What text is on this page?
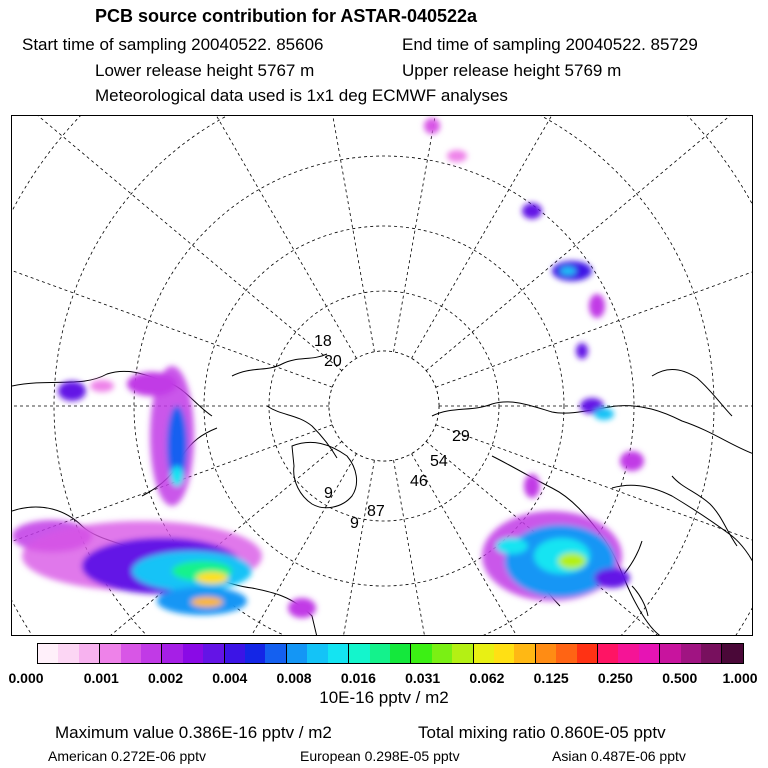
PCB source contribution for ASTAR-040522a
Start time of sampling 20040522. 85606	End time of sampling 20040522. 85729
Lower release height 5767 m	Upper release height 5769 m
Meteorological data used is 1x1 deg ECMWF analyses
18
20
29
54
46
9
87
9
0.000	0.001 0.002 0.004 0.008 0.016 0.031 0.062 0.125 0.250 0.500 1.000
10E-16 pptv / m2
Maximum value 0.386E-16 pptv / m2	Total mixing ratio 0.860E-05 pptv
American 0.272E-06 pptv	European 0.298E-05 pptv	Asian 0.487E-06 pptv
